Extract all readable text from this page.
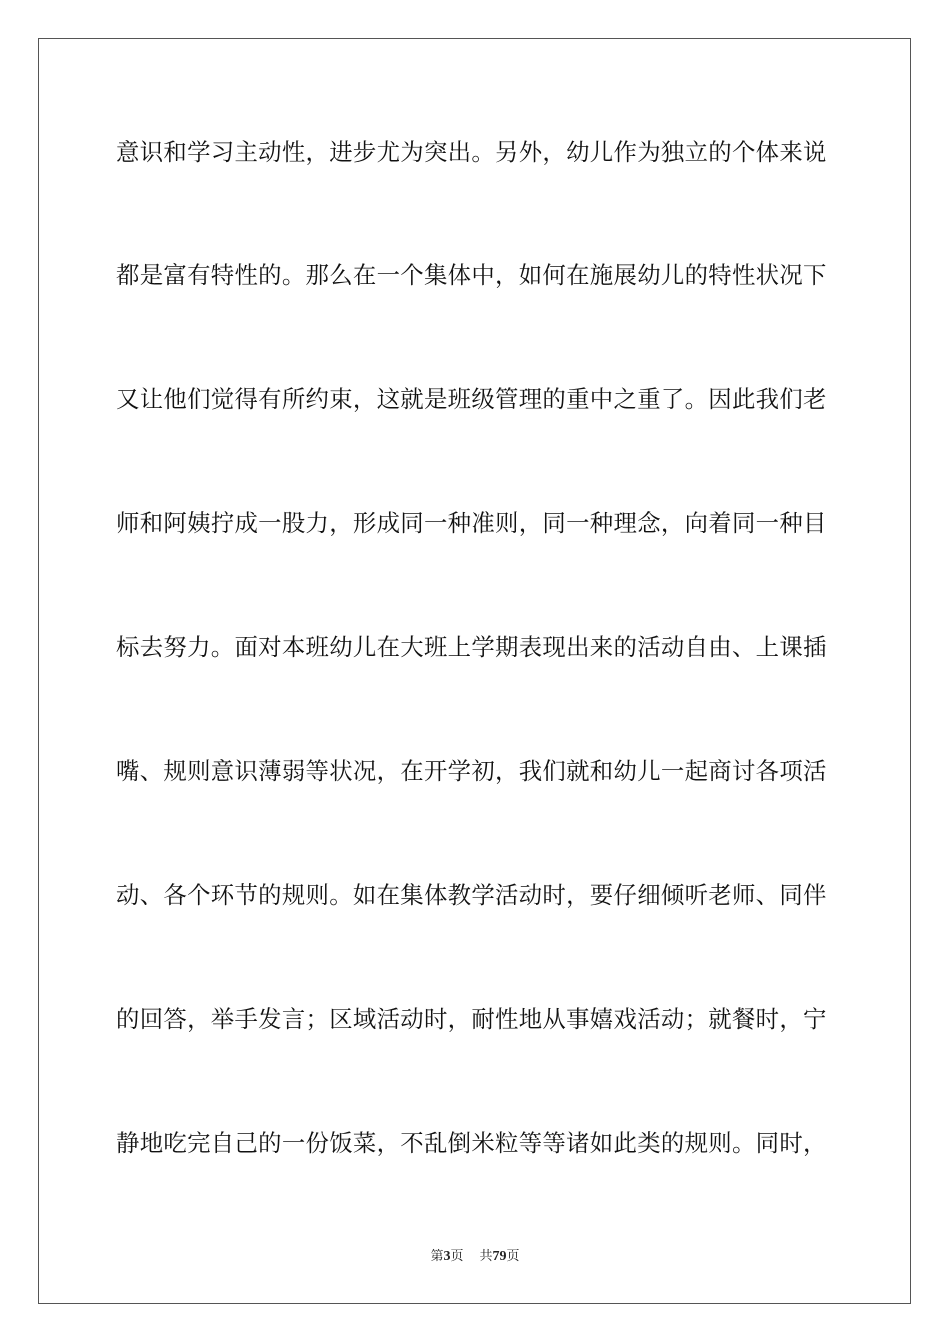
意识和学习主动性，进步尤为突出。另外，幼儿作为独立的个体来说
都是富有特性的。那么在一个集体中，如何在施展幼儿的特性状况下
又让他们觉得有所约束，这就是班级管理的重中之重了。因此我们老
师和阿姨拧成一股力，形成同一种准则，同一种理念，向着同一种目
标去努力。面对本班幼儿在大班上学期表现出来的活动自由、上课插
嘴、规则意识薄弱等状况，在开学初，我们就和幼儿一起商讨各项活
动、各个环节的规则。如在集体教学活动时，要仔细倾听老师、同伴
的回答，举手发言；区域活动时，耐性地从事嬉戏活动；就餐时，宁
静地吃完自己的一份饭菜，不乱倒米粒等等诸如此类的规则。同时，
第3页 共79页
